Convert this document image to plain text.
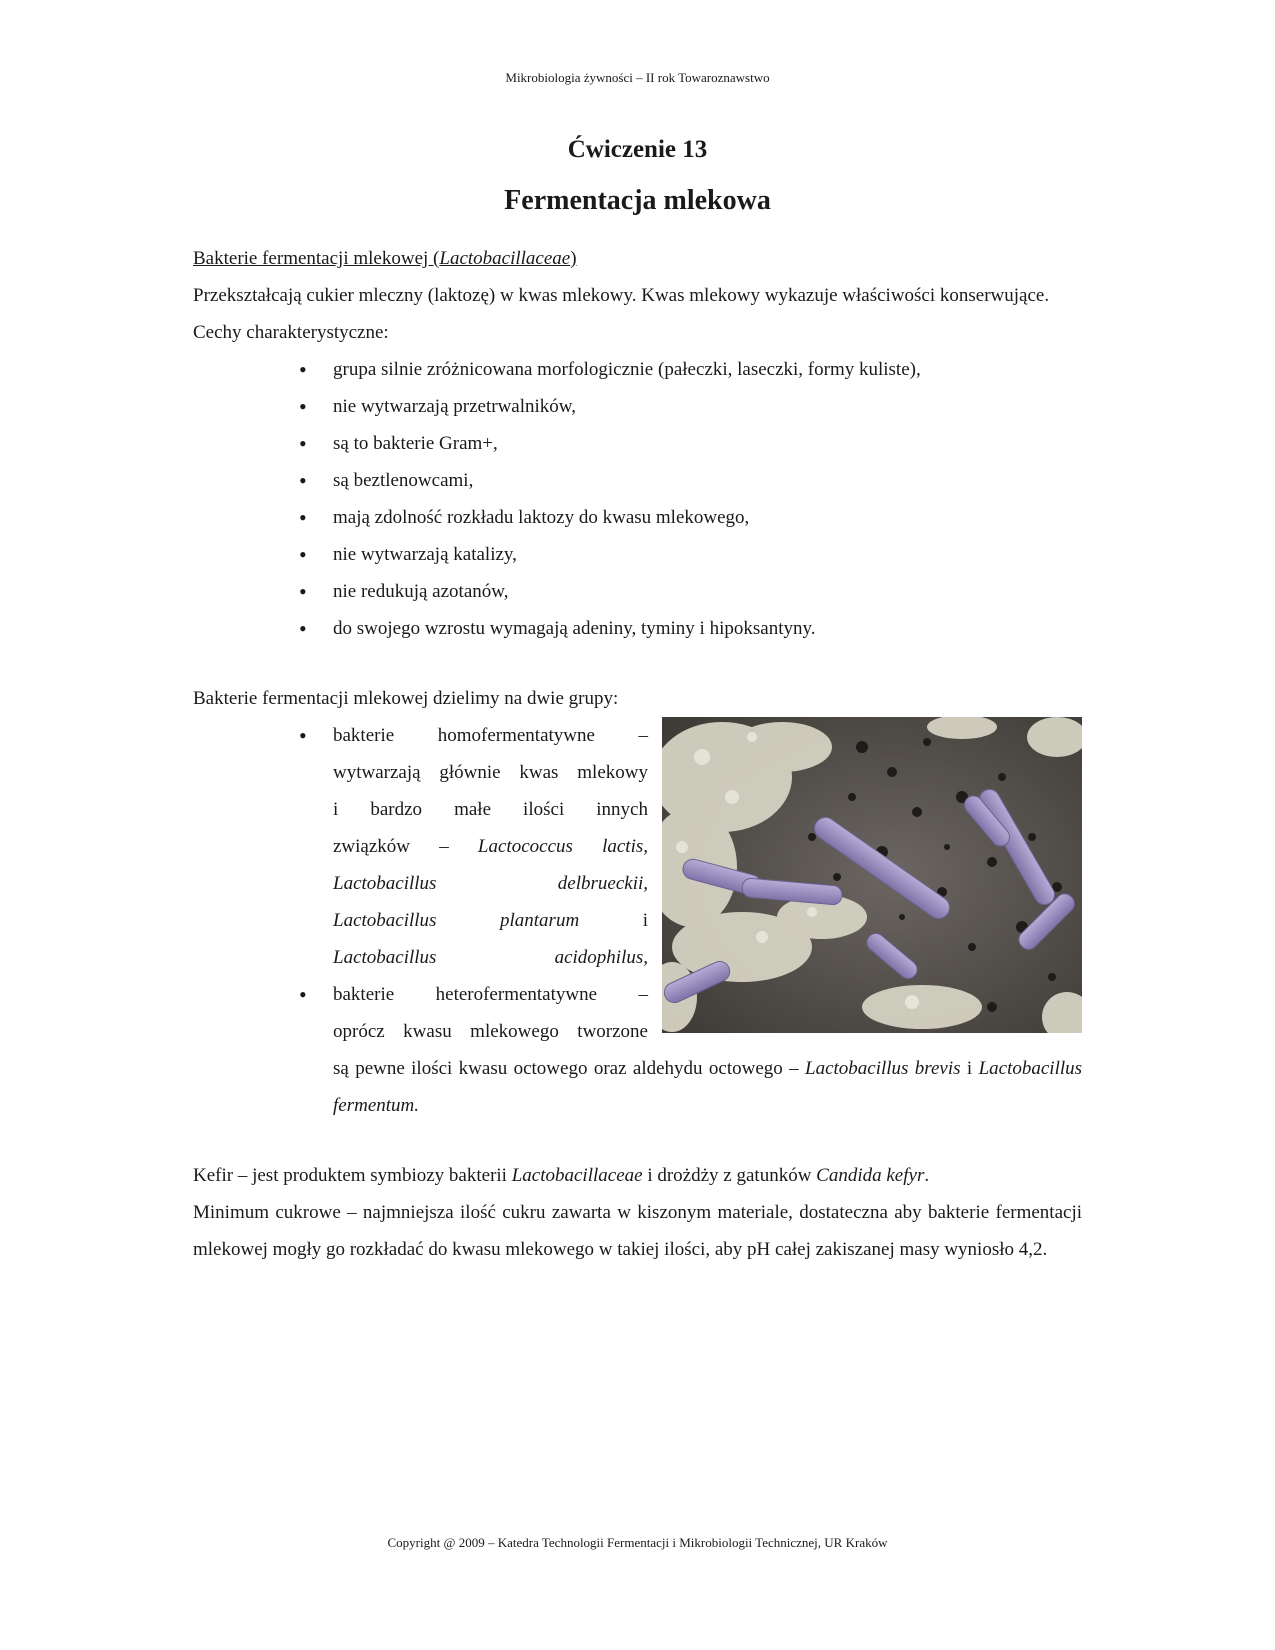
Mikrobiologia żywności – II rok Towaroznawstwo
Ćwiczenie 13
Fermentacja mlekowa

Bakterie fermentacji mlekowej (Lactobacillaceae)

Przekształcają cukier mleczny (laktozę) w kwas mlekowy. Kwas mlekowy wykazuje właściwości konserwujące.

Cechy charakterystyczne:

• grupa silnie zróżnicowana morfologicznie (pałeczki, laseczki, formy kuliste),
• nie wytwarzają przetrwalników,
• są to bakterie Gram+,
• są beztlenowcami,
• mają zdolność rozkładu laktozy do kwasu mlekowego,
• nie wytwarzają katalizy,
• nie redukują azotanów,
• do swojego wzrostu wymagają adeniny, tyminy i hipoksantyny.

Bakterie fermentacji mlekowej dzielimy na dwie grupy:

• bakterie homofermentatywne –
wytwarzają głównie kwas mlekowy
i bardzo małe ilości innych
związków – Lactococcus lactis,
Lactobacillus delbrueckii,
Lactobacillus plantarum	i
Lactobacillus acidophilus,
• bakterie heterofermentatywne –
oprócz kwasu mlekowego tworzone
są pewne ilości kwasu octowego oraz aldehydu octowego – Lactobacillus brevis i Lactobacillus fermentum.

Kefir – jest produktem symbiozy bakterii Lactobacillaceae i drożdży z gatunków Candida kefyr.

Minimum cukrowe – najmniejsza ilość cukru zawarta w kiszonym materiale, dostateczna aby bakterie fermentacji mlekowej mogły go rozkładać do kwasu mlekowego w takiej ilości, aby pH całej zakiszanej masy wyniosło 4,2.

Copyright @ 2009 – Katedra Technologii Fermentacji i Mikrobiologii Technicznej, UR Kraków
